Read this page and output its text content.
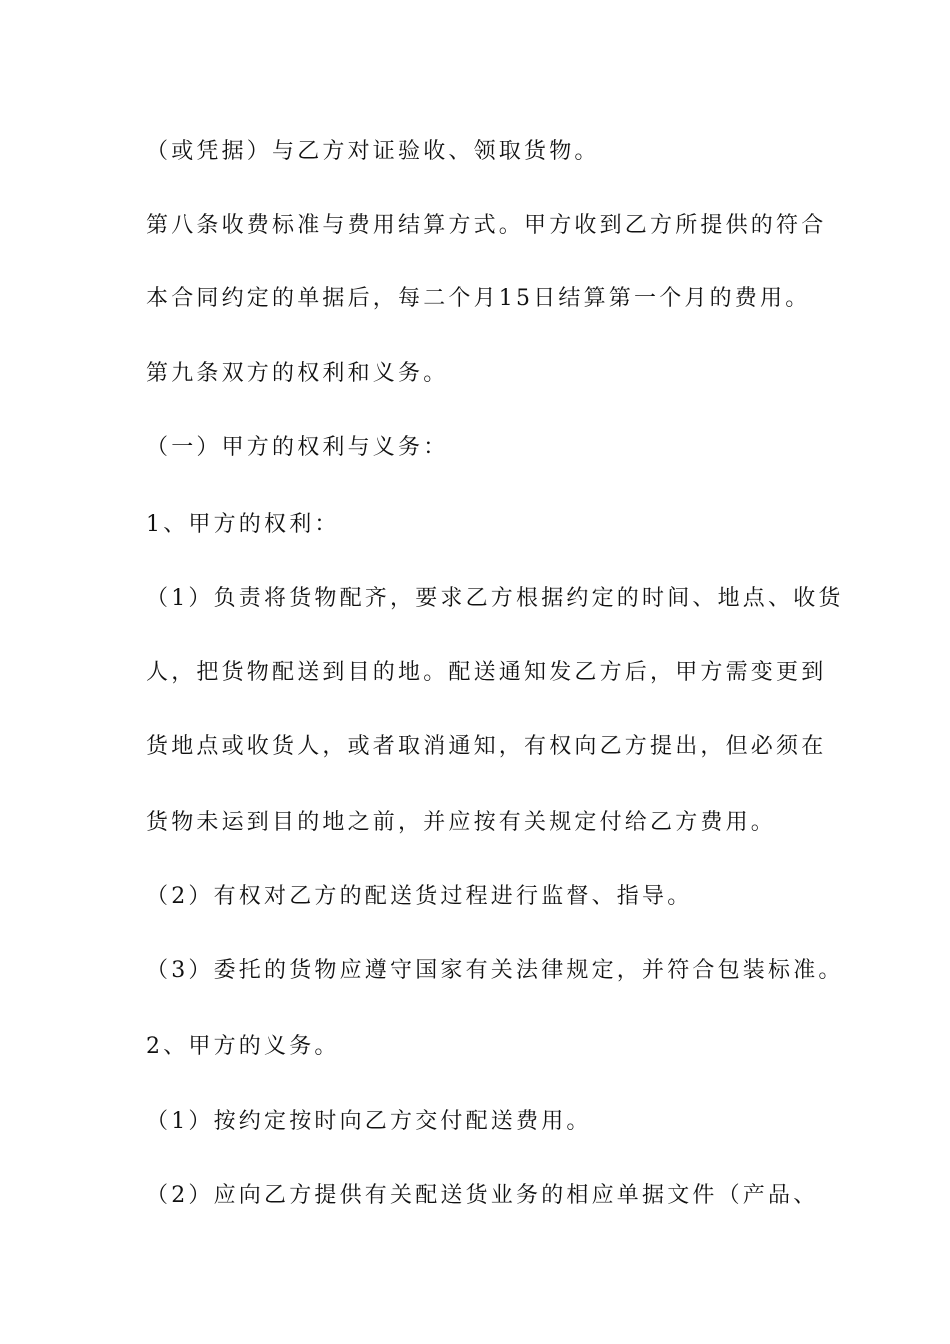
（或凭据）与乙方对证验收、领取货物。
第八条收费标准与费用结算方式。甲方收到乙方所提供的符合
本合同约定的单据后，每二个月15日结算第一个月的费用。
第九条双方的权利和义务。
（一）甲方的权利与义务：
1、甲方的权利：
（1）负责将货物配齐，要求乙方根据约定的时间、地点、收货
人，把货物配送到目的地。配送通知发乙方后，甲方需变更到
货地点或收货人，或者取消通知，有权向乙方提出，但必须在
货物未运到目的地之前，并应按有关规定付给乙方费用。
（2）有权对乙方的配送货过程进行监督、指导。
（3）委托的货物应遵守国家有关法律规定，并符合包装标准。
2、甲方的义务。
（1）按约定按时向乙方交付配送费用。
（2）应向乙方提供有关配送货业务的相应单据文件（产品、
